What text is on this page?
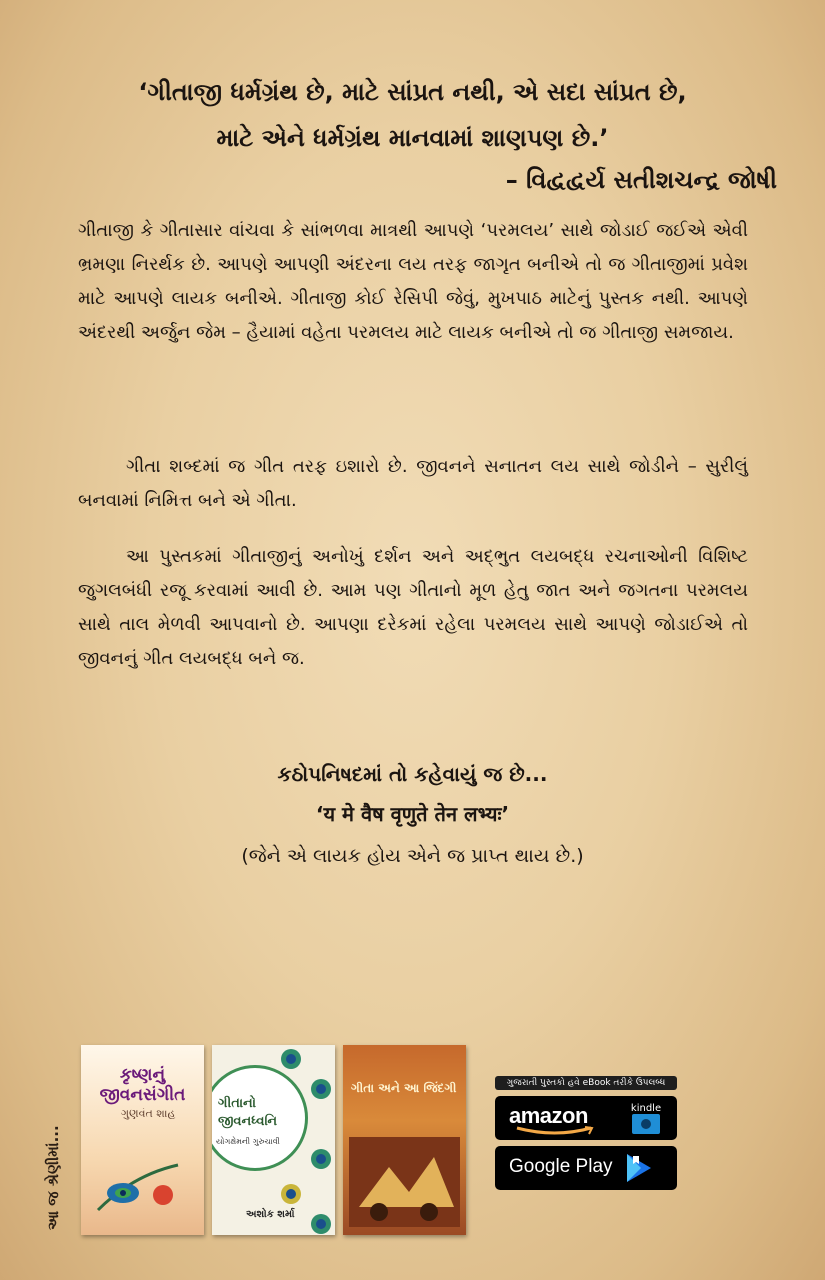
‘ગીતાજી ધર્મગ્રંથ છે, માટે સાંપ્રત નથી, એ સદા સાંપ્રત છે,
માટે એને ધર્મગ્રંથ માનવામાં શાણપણ છે.’
– વિદ્વદ્વર્ય સતીશચન્દ્ર જોષી
ગીતાજી કે ગીતાસાર વાંચવા કે સાંભળવા માત્રથી આપણે ‘પરમલય’ સાથે જોડાઈ જઈએ એવી ભ્રમણા નિરર્થક છે. આપણે આપણી અંદરના લય તરફ જાગૃત બનીએ તો જ ગીતાજીમાં પ્રવેશ માટે આપણે લાયક બનીએ. ગીતાજી કોઈ રેસિપી જેવું, મુખપાઠ માટેનું પુસ્તક નથી. આપણે અંદરથી અર્જુન જેમ – હૈયામાં વહેતા પરમલય માટે લાયક બનીએ તો જ ગીતાજી સમજાય.
ગીતા શબ્દમાં જ ગીત તરફ ઇશારો છે. જીવનને સનાતન લય સાથે જોડીને – સુરીલું બનવામાં નિમિત્ત બને એ ગીતા.
આ પુસ્તકમાં ગીતાજીનું અનોખું દર્શન અને અદ્ભુત લયબદ્ધ રચનાઓની વિશિષ્ટ જુગલબંધી રજૂ કરવામાં આવી છે. આમ પણ ગીતાનો મૂળ હેતુ જાત અને જગતના પરમલય સાથે તાલ મેળવી આપવાનો છે. આપણા દરેકમાં રહેલા પરમલય સાથે આપણે જોડાઈએ તો જીવનનું ગીત લયબદ્ધ બને જ.
કઠોપનિષદમાં તો કહેવાયું જ છે...
‘य मे वैष वृणुते तेन लभ्यः’
(જેને એ લાયક હોય એને જ પ્રાપ્ત થાય છે.)
આ જ શ્રેણીમાં...
કૃષ્ણનું
જીવનસંગીત
ગુણવંત શાહ
ગીતાનો
જીવનધ્વનિ
યોગક્ષેમની ગુરુચાવી
અશોક શર્મા
ગીતા અને આ જિંદગી	ગુજરાતી પુસ્તકો હવે eBook તરીકે ઉપલબ્ધ
amazon	kindle
Google Play
